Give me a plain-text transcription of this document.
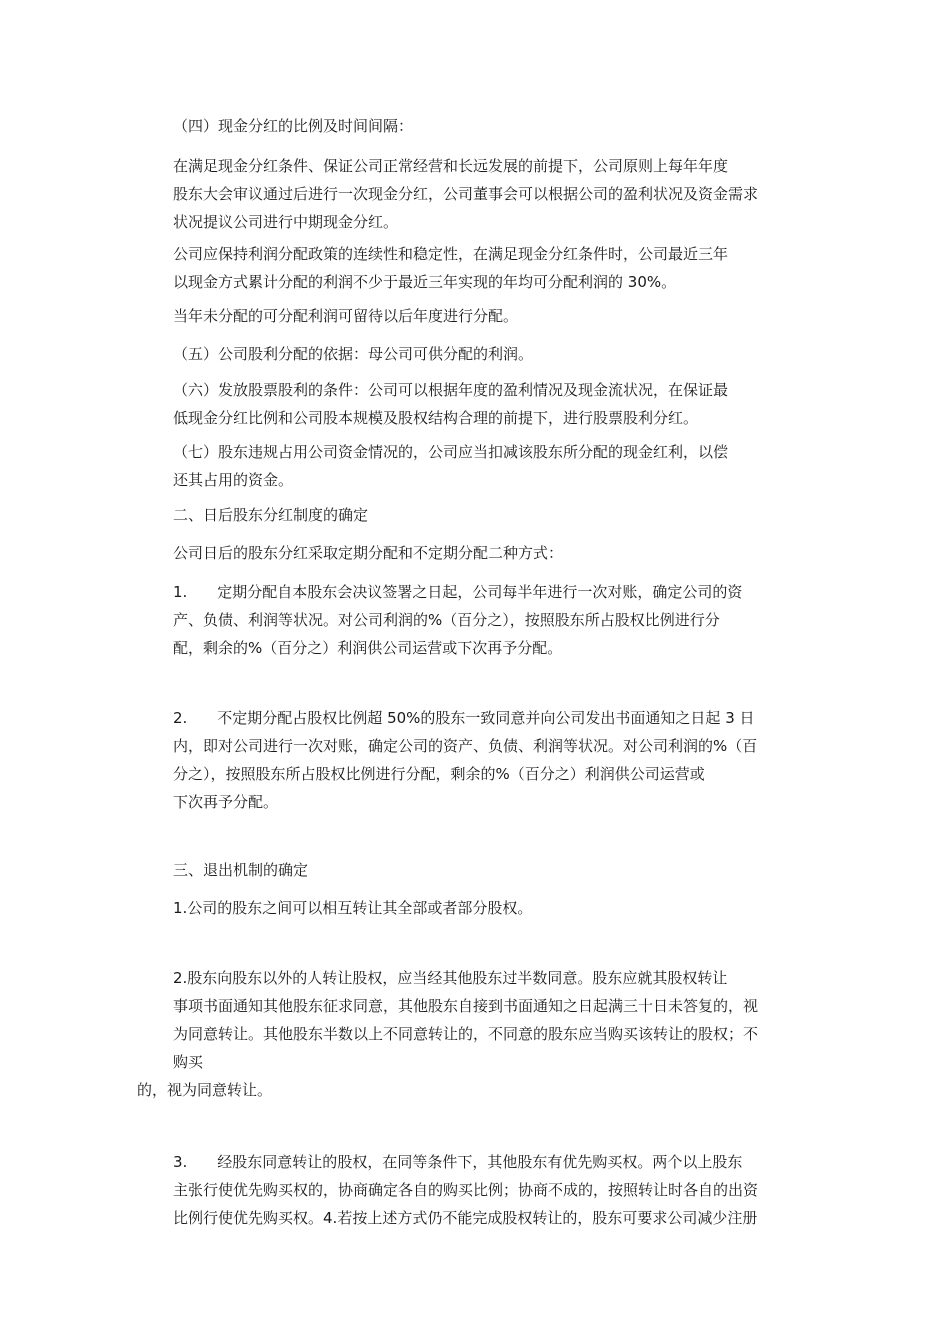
（四）现金分红的比例及时间间隔：

在满足现金分红条件、保证公司正常经营和长远发展的前提下，公司原则上每年年度
股东大会审议通过后进行一次现金分红，公司董事会可以根据公司的盈利状况及资金需求
状况提议公司进行中期现金分红。

公司应保持利润分配政策的连续性和稳定性，在满足现金分红条件时，公司最近三年
以现金方式累计分配的利润不少于最近三年实现的年均可分配利润的 30%。

当年未分配的可分配利润可留待以后年度进行分配。

（五）公司股利分配的依据：母公司可供分配的利润。

（六）发放股票股利的条件：公司可以根据年度的盈利情况及现金流状况，在保证最
低现金分红比例和公司股本规模及股权结构合理的前提下，进行股票股利分红。

（七）股东违规占用公司资金情况的，公司应当扣减该股东所分配的现金红利，以偿
还其占用的资金。

二、日后股东分红制度的确定

公司日后的股东分红采取定期分配和不定期分配二种方式：

1.　　定期分配自本股东会决议签署之日起，公司每半年进行一次对账，确定公司的资
产、负债、利润等状况。对公司利润的%（百分之），按照股东所占股权比例进行分
配，剩余的%（百分之）利润供公司运营或下次再予分配。

2.　　不定期分配占股权比例超 50%的股东一致同意并向公司发出书面通知之日起 3 日
内，即对公司进行一次对账，确定公司的资产、负债、利润等状况。对公司利润的%（百
分之），按照股东所占股权比例进行分配，剩余的%（百分之）利润供公司运营或
下次再予分配。

三、退出机制的确定

1.公司的股东之间可以相互转让其全部或者部分股权。

2.股东向股东以外的人转让股权，应当经其他股东过半数同意。股东应就其股权转让
事项书面通知其他股东征求同意，其他股东自接到书面通知之日起满三十日未答复的，视
为同意转让。其他股东半数以上不同意转让的，不同意的股东应当购买该转让的股权；不
购买

的，视为同意转让。

3.　　经股东同意转让的股权，在同等条件下，其他股东有优先购买权。两个以上股东
主张行使优先购买权的，协商确定各自的购买比例；协商不成的，按照转让时各自的出资
比例行使优先购买权。4.若按上述方式仍不能完成股权转让的，股东可要求公司减少注册
